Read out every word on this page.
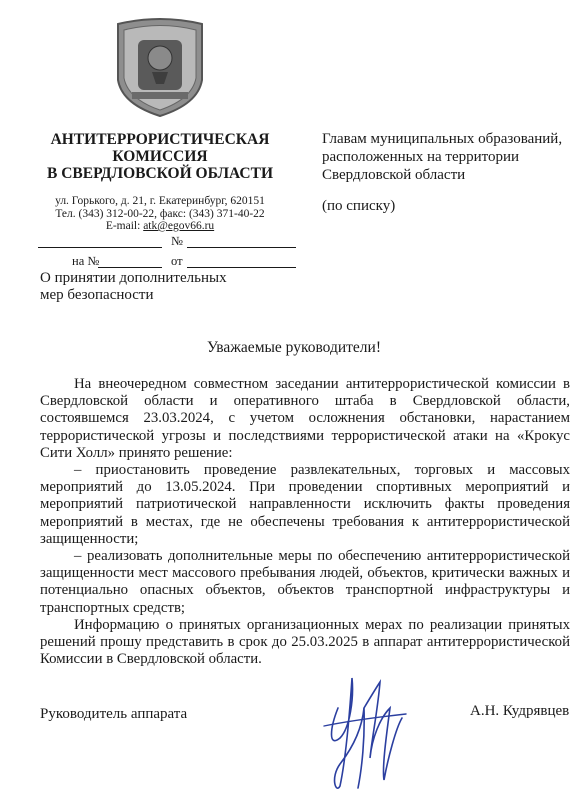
АНТИТЕРРОРИСТИЧЕСКАЯ
КОМИССИЯ
В СВЕРДЛОВСКОЙ ОБЛАСТИ
ул. Горького, д. 21, г. Екатеринбург, 620151
Тел. (343) 312-00-22, факс: (343) 371-40-22
E-mail: atk@egov66.ru
№
на №	от
О принятии дополнительных
мер безопасности
Главам муниципальных образований,
расположенных на территории
Свердловской области
(по списку)
Уважаемые руководители!

На внеочередном совместном заседании антитеррористической комиссии в Свердловской области и оперативного штаба в Свердловской области, состоявшемся 23.03.2024, с учетом осложнения обстановки, нарастанием террористической угрозы и последствиями террористической атаки на «Крокус Сити Холл» принято решение:

– приостановить проведение развлекательных, торговых и массовых мероприятий до 13.05.2024. При проведении спортивных мероприятий и мероприятий патриотической направленности исключить факты проведения мероприятий в местах, где не обеспечены требования к антитеррористической защищенности;

– реализовать дополнительные меры по обеспечению антитеррористической защищенности мест массового пребывания людей, объектов, критически важных и потенциально опасных объектов, объектов транспортной инфраструктуры и транспортных средств;

Информацию о принятых организационных мерах по реализации принятых решений прошу представить в срок до 25.03.2025 в аппарат антитеррористической Комиссии в Свердловской области.

Руководитель аппарата	А.Н. Кудрявцев
